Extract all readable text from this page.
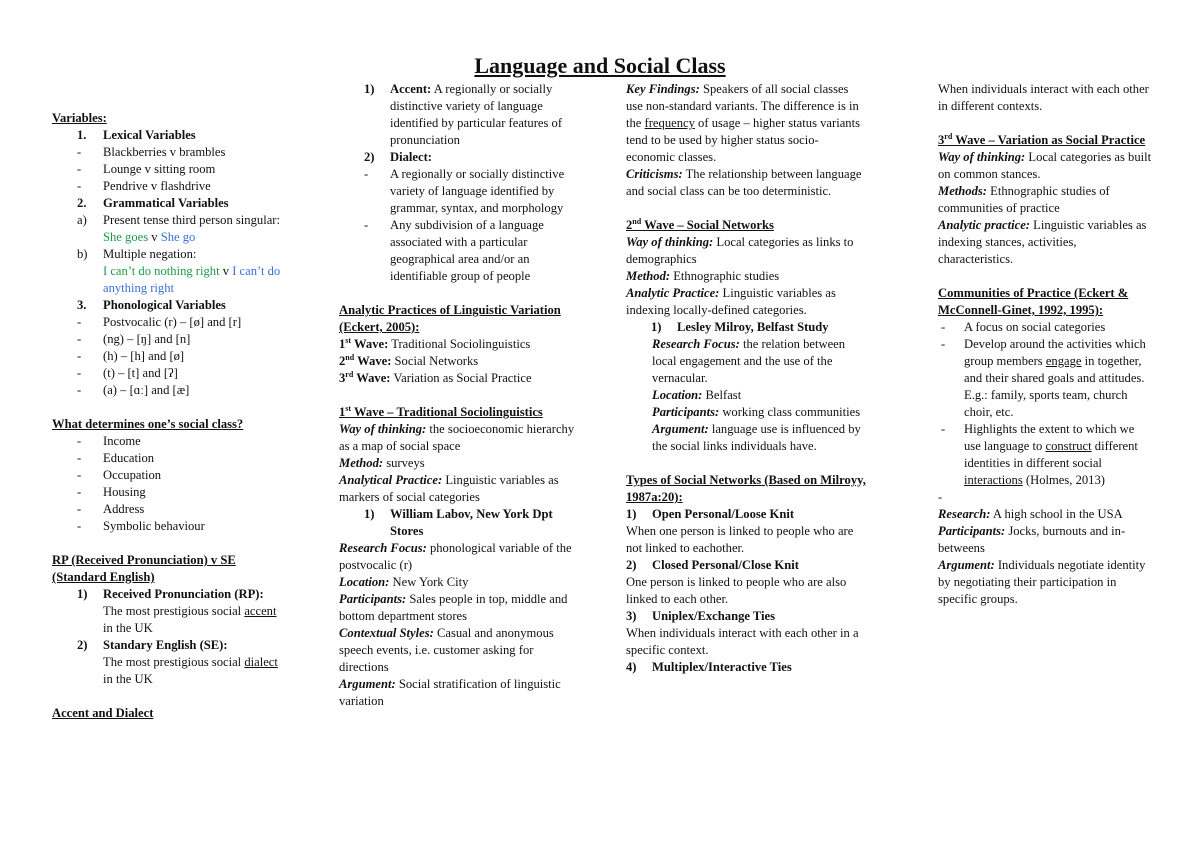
Language and Social Class
Variables:
1. Lexical Variables
- Blackberries v brambles
- Lounge v sitting room
- Pendrive v flashdrive
2. Grammatical Variables
a) Present tense third person singular:
She goes v She go
b) Multiple negation:
I can’t do nothing right v I can’t do anything right
3. Phonological Variables
- Postvocalic (r) – [ø] and [r]
- (ng) – [ŋ] and [n]
- (h) – [h] and [ø]
- (t) – [t] and [ʔ]
- (a) – [ɑː] and [æ]
What determines one’s social class?
- Income
- Education
- Occupation
- Housing
- Address
- Symbolic behaviour
RP (Received Pronunciation) v SE (Standard English)
1) Received Pronunciation (RP):
The most prestigious social accent in the UK
2) Standary English (SE):
The most prestigious social dialect in the UK
Accent and Dialect
1) Accent: A regionally or socially distinctive variety of language identified by particular features of pronunciation
2) Dialect:
- A regionally or socially distinctive variety of language identified by grammar, syntax, and morphology
- Any subdivision of a language associated with a particular geographical area and/or an identifiable group of people
Analytic Practices of Linguistic Variation (Eckert, 2005):
1st Wave: Traditional Sociolinguistics
2nd Wave: Social Networks
3rd Wave: Variation as Social Practice
1st Wave – Traditional Sociolinguistics
Way of thinking: the socioeconomic hierarchy as a map of social space
Method: surveys
Analytical Practice: Linguistic variables as markers of social categories
1) William Labov, New York Dpt Stores
Research Focus: phonological variable of the postvocalic (r)
Location: New York City
Participants: Sales people in top, middle and bottom department stores
Contextual Styles: Casual and anonymous speech events, i.e. customer asking for directions
Argument: Social stratification of linguistic variation
Key Findings: Speakers of all social classes use non-standard variants. The difference is in the frequency of usage – higher status variants tend to be used by higher status socio-economic classes.
Criticisms: The relationship between language and social class can be too deterministic.
2nd Wave – Social Networks
Way of thinking: Local categories as links to demographics
Method: Ethnographic studies
Analytic Practice: Linguistic variables as indexing locally-defined categories.
1) Lesley Milroy, Belfast Study
Research Focus: the relation between local engagement and the use of the vernacular.
Location: Belfast
Participants: working class communities
Argument: language use is influenced by the social links individuals have.
Types of Social Networks (Based on Milroyy, 1987a:20):
1) Open Personal/Loose Knit
When one person is linked to people who are not linked to eachother.
2) Closed Personal/Close Knit
One person is linked to people who are also linked to each other.
3) Uniplex/Exchange Ties
When individuals interact with each other in a specific context.
4) Multiplex/Interactive Ties
When individuals interact with each other in different contexts.
3rd Wave – Variation as Social Practice
Way of thinking: Local categories as built on common stances.
Methods: Ethnographic studies of communities of practice
Analytic practice: Linguistic variables as indexing stances, activities, characteristics.
Communities of Practice (Eckert & McConnell-Ginet, 1992, 1995):
- A focus on social categories
- Develop around the activities which group members engage in together, and their shared goals and attitudes. E.g.: family, sports team, church choir, etc.
- Highlights the extent to which we use language to construct different identities in different social interactions (Holmes, 2013)
-
Research: A high school in the USA
Participants: Jocks, burnouts and in-betweens
Argument: Individuals negotiate identity by negotiating their participation in specific groups.
